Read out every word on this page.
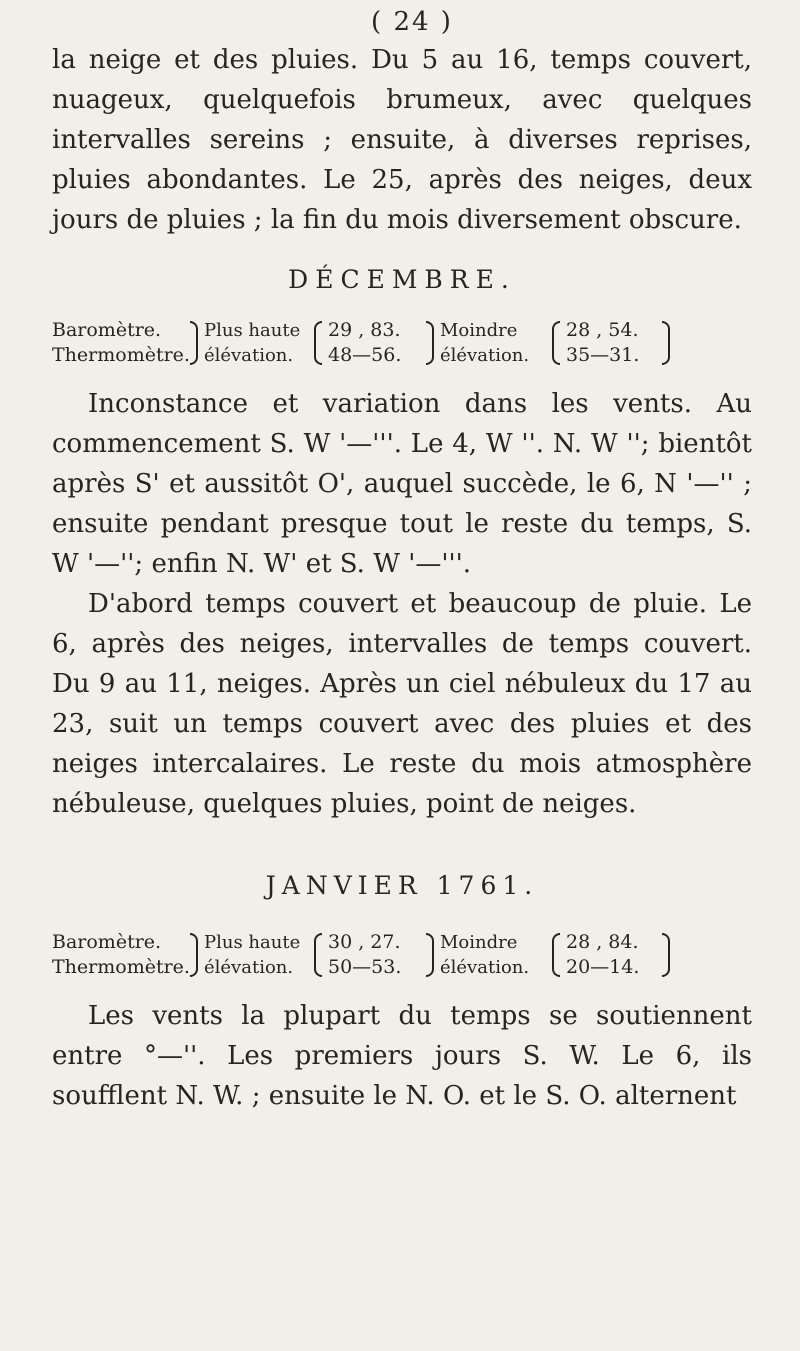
( 24 )

la neige et des pluies. Du 5 au 16, temps couvert, nuageux, quelquefois brumeux, avec quelques intervalles sereins ; ensuite, à diverses reprises, pluies abondantes. Le 25, après des neiges, deux jours de pluies ; la fin du mois diversement obscure.

DÉCEMBRE.
Baromètre.
Thermomètre.
Plus haute
élévation.
29 , 83.
48—56.
Moindre
élévation.
28 , 54.
35—31.

Inconstance et variation dans les vents. Au commencement S. W '—'''. Le 4, W ''. N. W ''; bientôt après S' et aussitôt O', auquel succède, le 6, N '—'' ; ensuite pendant presque tout le reste du temps, S. W '—''; enfin N. W' et S. W '—'''.

D'abord temps couvert et beaucoup de pluie. Le 6, après des neiges, intervalles de temps couvert. Du 9 au 11, neiges. Après un ciel nébuleux du 17 au 23, suit un temps couvert avec des pluies et des neiges intercalaires. Le reste du mois atmosphère nébuleuse, quelques pluies, point de neiges.

JANVIER 1761.
Baromètre.
Thermomètre.
Plus haute
élévation.
30 , 27.
50—53.
Moindre
élévation.
28 , 84.
20—14.

Les vents la plupart du temps se soutiennent entre °—''. Les premiers jours S. W. Le 6, ils soufflent N. W. ; ensuite le N. O. et le S. O. alternent
